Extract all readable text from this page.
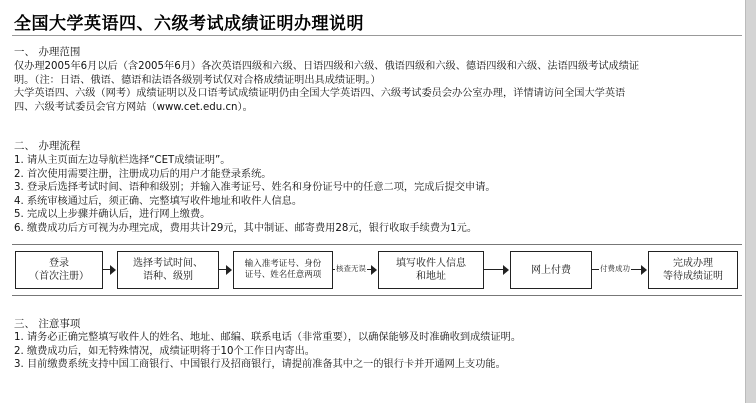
全国大学英语四、六级考试成绩证明办理说明
一、 办理范围
仅办理2005年6月以后（含2005年6月）各次英语四级和六级、日语四级和六级、俄语四级和六级、德语四级和六级、法语四级考试成绩证
明。（注：日语、俄语、德语和法语各级别考试仅对合格成绩证明出具成绩证明。）
大学英语四、六级（网考）成绩证明以及口语考试成绩证明仍由全国大学英语四、六级考试委员会办公室办理，详情请访问全国大学英语
四、六级考试委员会官方网站（www.cet.edu.cn）。
二、 办理流程
1. 请从主页面左边导航栏选择“CET成绩证明”。
2. 首次使用需要注册，注册成功后的用户才能登录系统。
3. 登录后选择考试时间、语种和级别；并输入准考证号、姓名和身份证号中的任意二项，完成后提交申请。
4. 系统审核通过后，须正确、完整填写收件地址和收件人信息。
5. 完成以上步骤并确认后，进行网上缴费。
6. 缴费成功后方可视为办理完成，费用共计29元，其中制证、邮寄费用28元，银行收取手续费为1元。
登录
（首次注册）
选择考试时间、
语种、级别
输入准考证号、身份
证号、姓名任意两项
核查无误	填写收件人信息
和地址
网上付费	付费成功	完成办理
等待成绩证明
三、 注意事项
1. 请务必正确完整填写收件人的姓名、地址、邮编、联系电话（非常重要），以确保能够及时准确收到成绩证明。
2. 缴费成功后，如无特殊情况，成绩证明将于10个工作日内寄出。
3. 目前缴费系统支持中国工商银行、中国银行及招商银行，请提前准备其中之一的银行卡并开通网上支功能。
